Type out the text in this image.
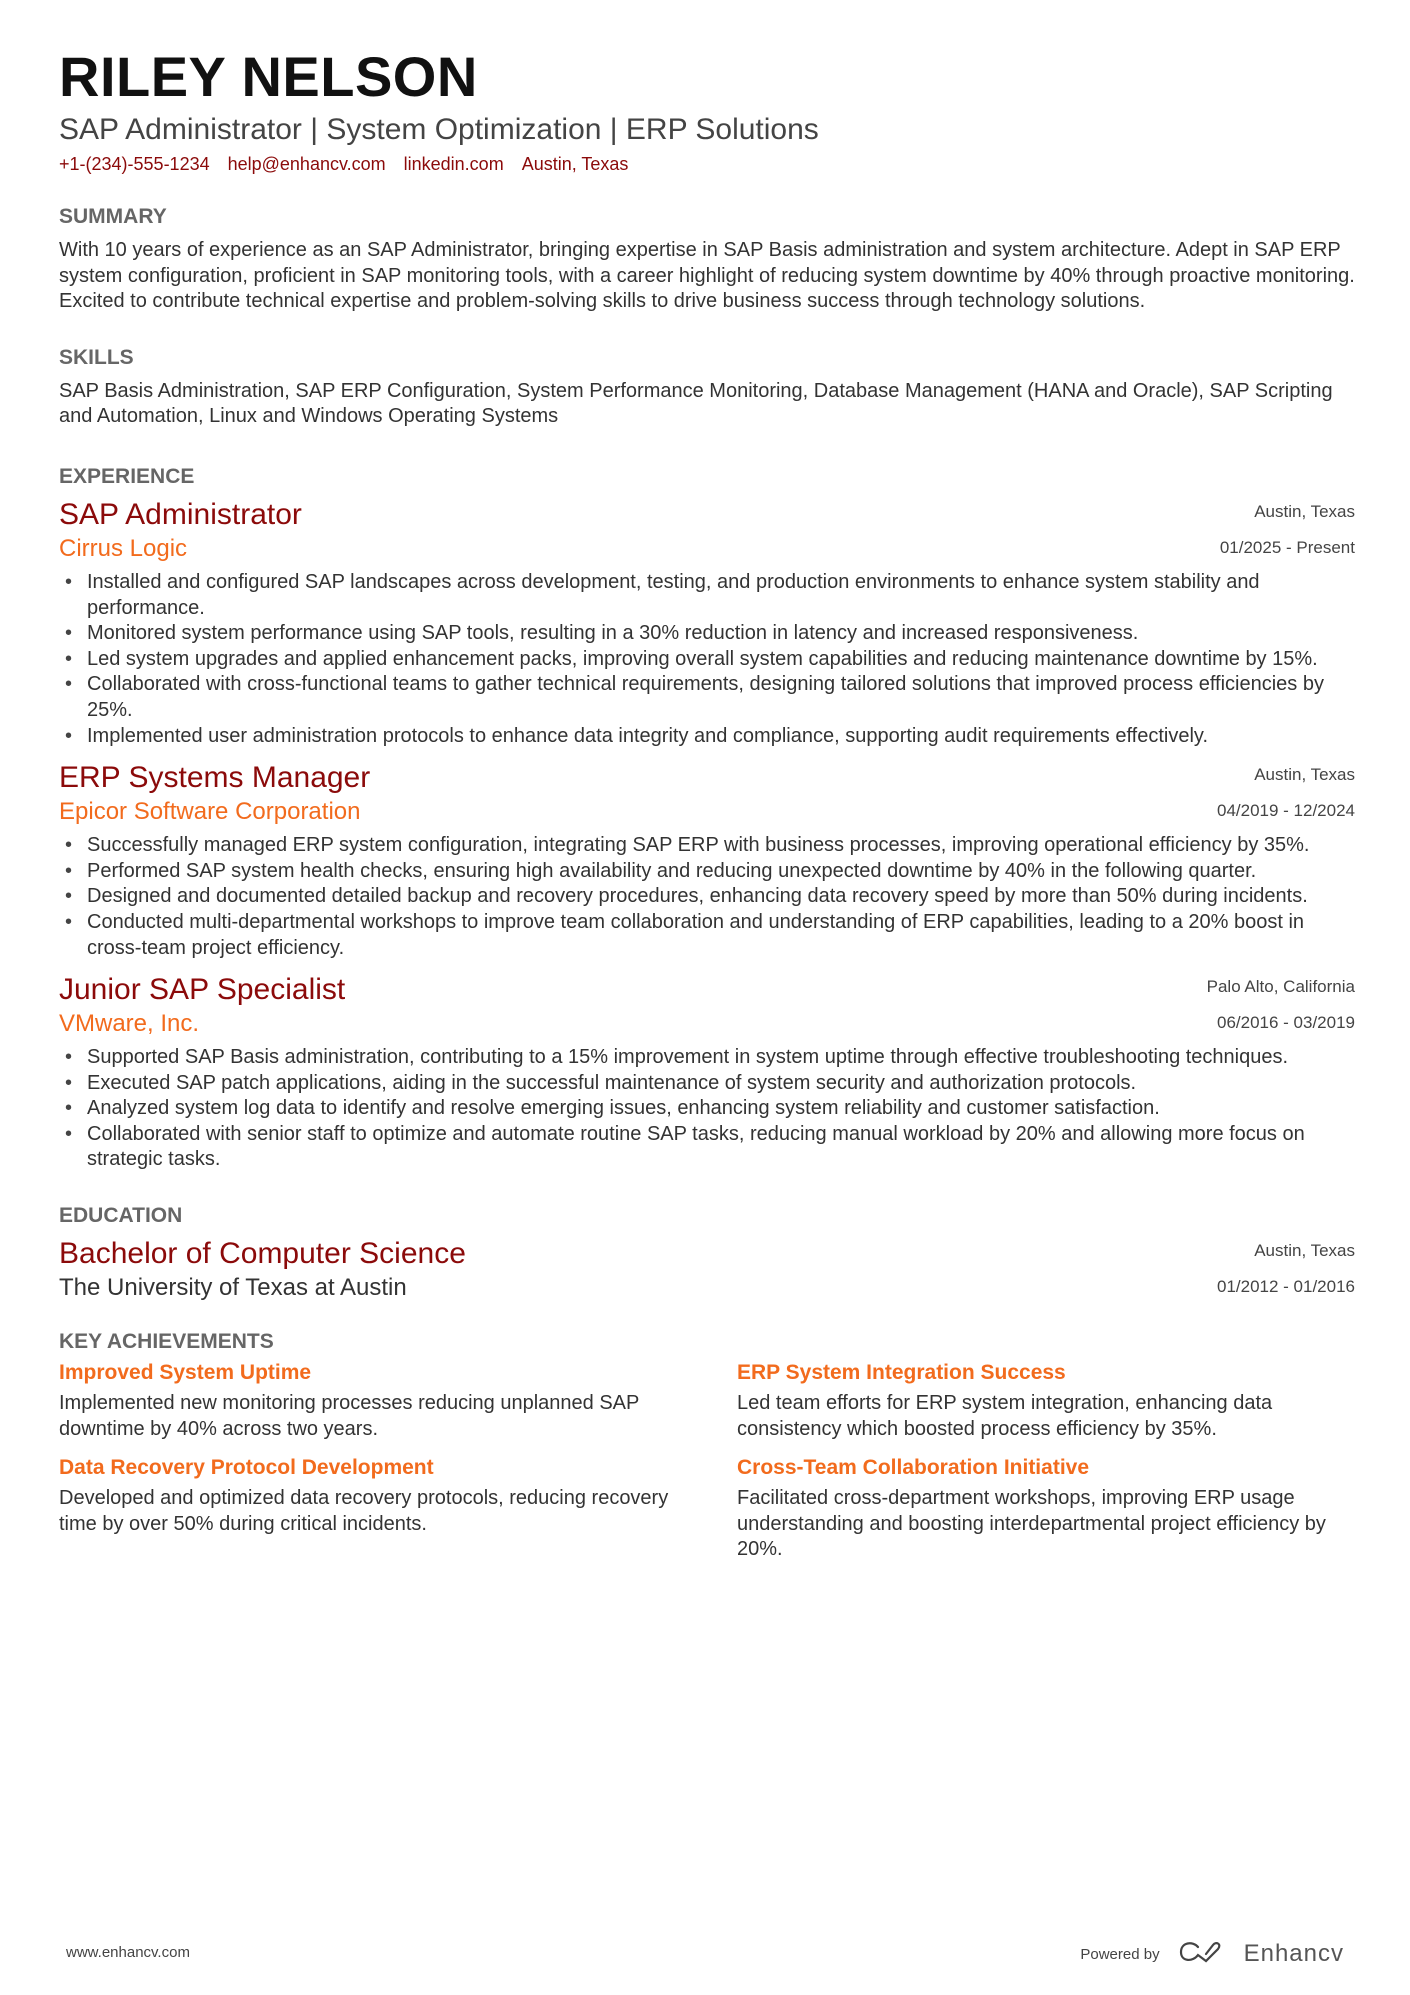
RILEY NELSON
SAP Administrator | System Optimization | ERP Solutions
+1-(234)-555-1234 help@enhancv.com linkedin.com Austin, Texas
SUMMARY
With 10 years of experience as an SAP Administrator, bringing expertise in SAP Basis administration and system architecture. Adept in SAP ERP system configuration, proficient in SAP monitoring tools, with a career highlight of reducing system downtime by 40% through proactive monitoring. Excited to contribute technical expertise and problem-solving skills to drive business success through technology solutions.
SKILLS
SAP Basis Administration, SAP ERP Configuration, System Performance Monitoring, Database Management (HANA and Oracle), SAP Scripting and Automation, Linux and Windows Operating Systems
EXPERIENCE
SAP Administrator
Cirrus Logic
Austin, Texas
01/2025 - Present
• Installed and configured SAP landscapes across development, testing, and production environments to enhance system stability and performance.
• Monitored system performance using SAP tools, resulting in a 30% reduction in latency and increased responsiveness.
• Led system upgrades and applied enhancement packs, improving overall system capabilities and reducing maintenance downtime by 15%.
• Collaborated with cross-functional teams to gather technical requirements, designing tailored solutions that improved process efficiencies by 25%.
• Implemented user administration protocols to enhance data integrity and compliance, supporting audit requirements effectively.
ERP Systems Manager
Epicor Software Corporation
Austin, Texas
04/2019 - 12/2024
• Successfully managed ERP system configuration, integrating SAP ERP with business processes, improving operational efficiency by 35%.
• Performed SAP system health checks, ensuring high availability and reducing unexpected downtime by 40% in the following quarter.
• Designed and documented detailed backup and recovery procedures, enhancing data recovery speed by more than 50% during incidents.
• Conducted multi-departmental workshops to improve team collaboration and understanding of ERP capabilities, leading to a 20% boost in cross-team project efficiency.
Junior SAP Specialist
VMware, Inc.
Palo Alto, California
06/2016 - 03/2019
• Supported SAP Basis administration, contributing to a 15% improvement in system uptime through effective troubleshooting techniques.
• Executed SAP patch applications, aiding in the successful maintenance of system security and authorization protocols.
• Analyzed system log data to identify and resolve emerging issues, enhancing system reliability and customer satisfaction.
• Collaborated with senior staff to optimize and automate routine SAP tasks, reducing manual workload by 20% and allowing more focus on strategic tasks.
EDUCATION
Bachelor of Computer Science
The University of Texas at Austin
Austin, Texas
01/2012 - 01/2016
KEY ACHIEVEMENTS
Improved System Uptime
Implemented new monitoring processes reducing unplanned SAP downtime by 40% across two years.
ERP System Integration Success
Led team efforts for ERP system integration, enhancing data consistency which boosted process efficiency by 35%.
Data Recovery Protocol Development
Developed and optimized data recovery protocols, reducing recovery time by over 50% during critical incidents.
Cross-Team Collaboration Initiative
Facilitated cross-department workshops, improving ERP usage understanding and boosting interdepartmental project efficiency by 20%.
www.enhancv.com	Powered by	Enhancv
